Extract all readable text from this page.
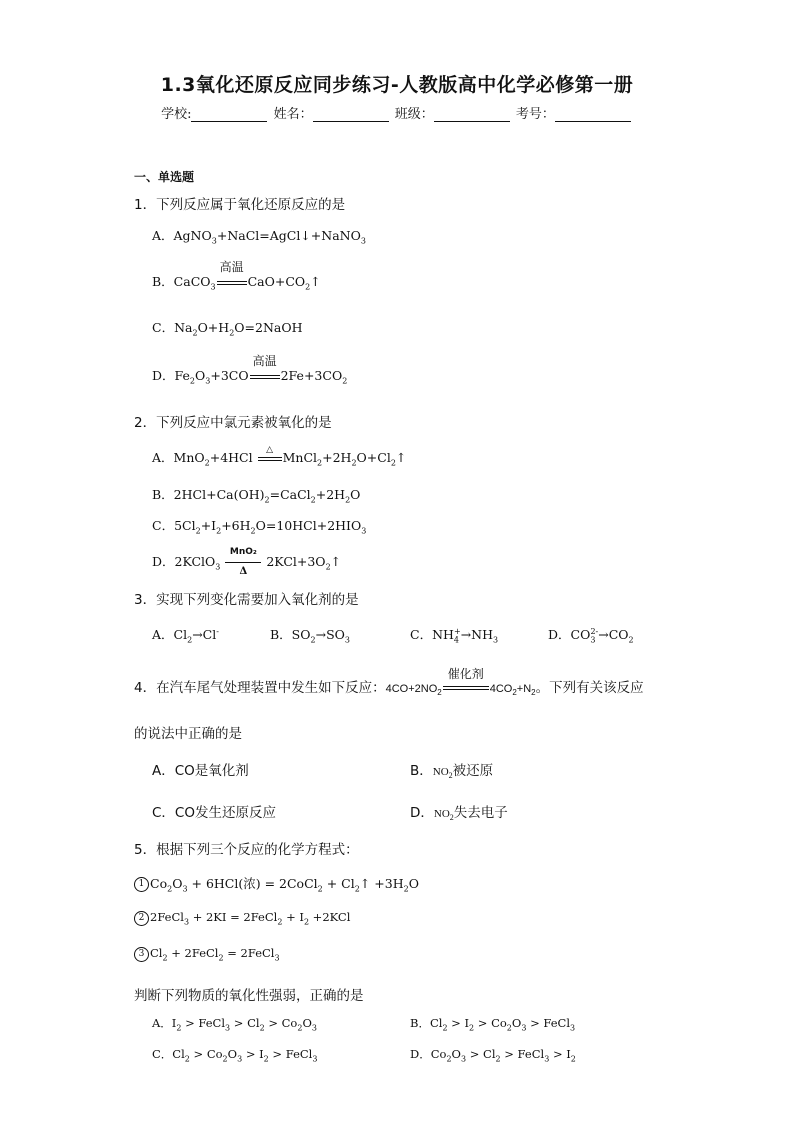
1.3氧化还原反应同步练习-人教版高中化学必修第一册
学校:	姓名：	班级：	考号：
一、单选题
1．下列反应属于氧化还原反应的是
A．AgNO$_3$+NaCl=AgCl↓+NaNO$_3$
B．CaCO$_3$
高温
$CaO+CO_2↑$
C．$Na_2O+H_2O=2NaOH$
D．$Fe_2O_3+3CO$
高温
$2Fe+3CO_2$
2．下列反应中氯元素被氧化的是
A．MnO$_2$+4HCl	△ $MnCl_2+2H_2O+Cl_2↑$
B．$2HCl+Ca(OH)_2=CaCl_2+2H_2O$
C．$5Cl_2+I_2+6H_2O=10HCl+2HIO_3$
D．2KClO$_3$
MnO₂
Δ
$2KCl+3O_2↑$
3．实现下列变化需要加入氧化剂的是
A．$Cl_2\to Cl^-$	B．$SO_2\to SO_3$	C．$NH_4^+\to NH_3$	D．$CO_3^{2-}\to CO_2$
4．在汽车尾气处理装置中发生如下反应：$4CO+2NO_2$
催化剂
$4CO_2+N_2$。下列有关该反应
的说法中正确的是
A．CO是氧化剂	B．$NO_2$被还原
C．CO发生还原反应	D．$NO_2$失去电子
5．根据下列三个反应的化学方程式：
1 $Co_2O_3 + 6HCl$(浓) = 2CoCl$_2$ + $Cl_2↑ +3H_2O$
2 2FeCl$_3$ + 2KI = 2FeCl$_2$ + $I_2 +2KCl$
3 $Cl_2$ + 2FeCl$_2$ = 2FeCl$_3$
判断下列物质的氧化性强弱，正确的是
A．$I_2$ > FeCl$_3$ > $Cl_2 > Co_2O_3$	B．$Cl_2 > I_2 > Co_2O_3$ > FeCl$_3$
C．$Cl_2 > Co_2O_3 > I_2$ > FeCl$_3$	D．$Co_2O_3 > Cl_2$ > FeCl$_3$ > $I_2$
